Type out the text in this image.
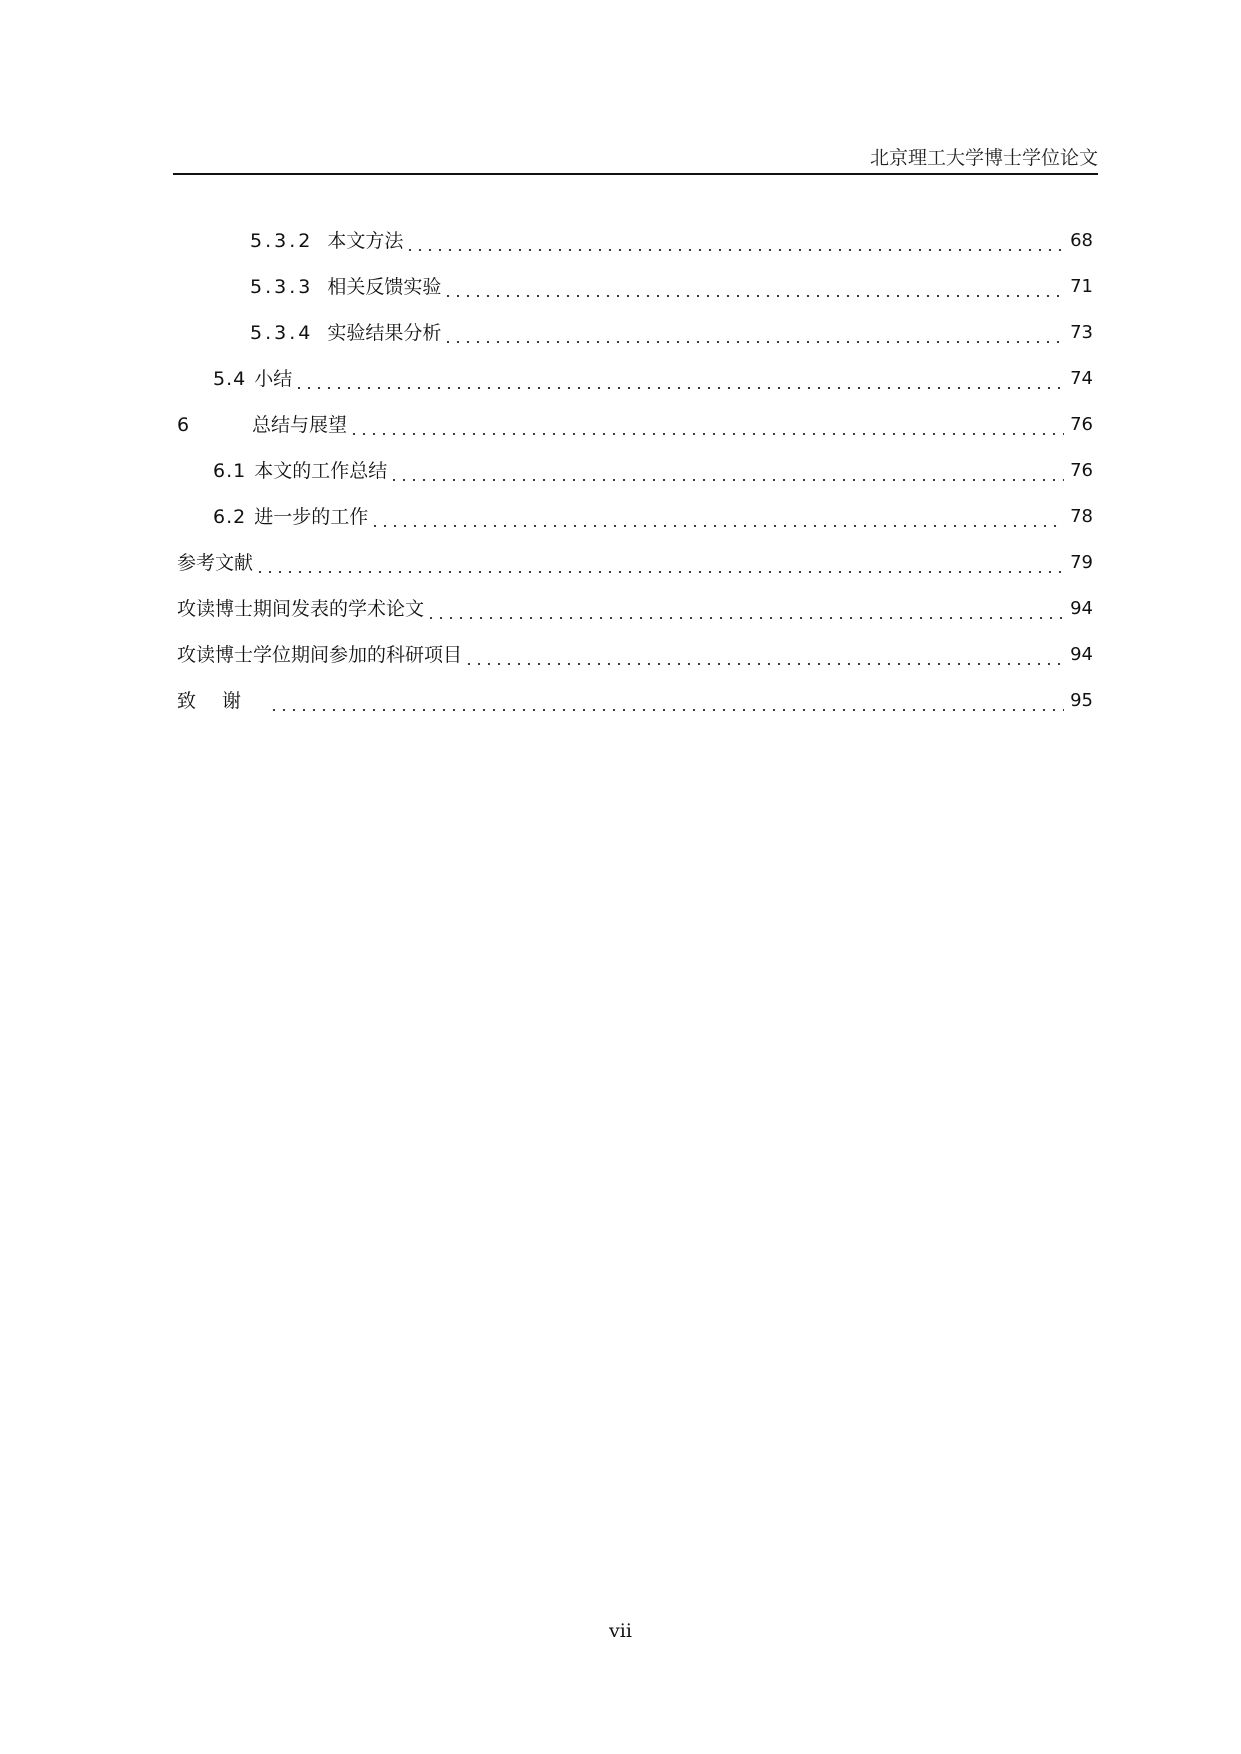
北京理工大学博士学位论文
5.3.2 本文方法	68
5.3.3 相关反馈实验	71
5.3.4 实验结果分析	73
5.4 小结	74
6	总结与展望	76
6.1 本文的工作总结	76
6.2 进一步的工作	78
参考文献	79
攻读博士期间发表的学术论文	94
攻读博士学位期间参加的科研项目	94
致谢	95
vii
